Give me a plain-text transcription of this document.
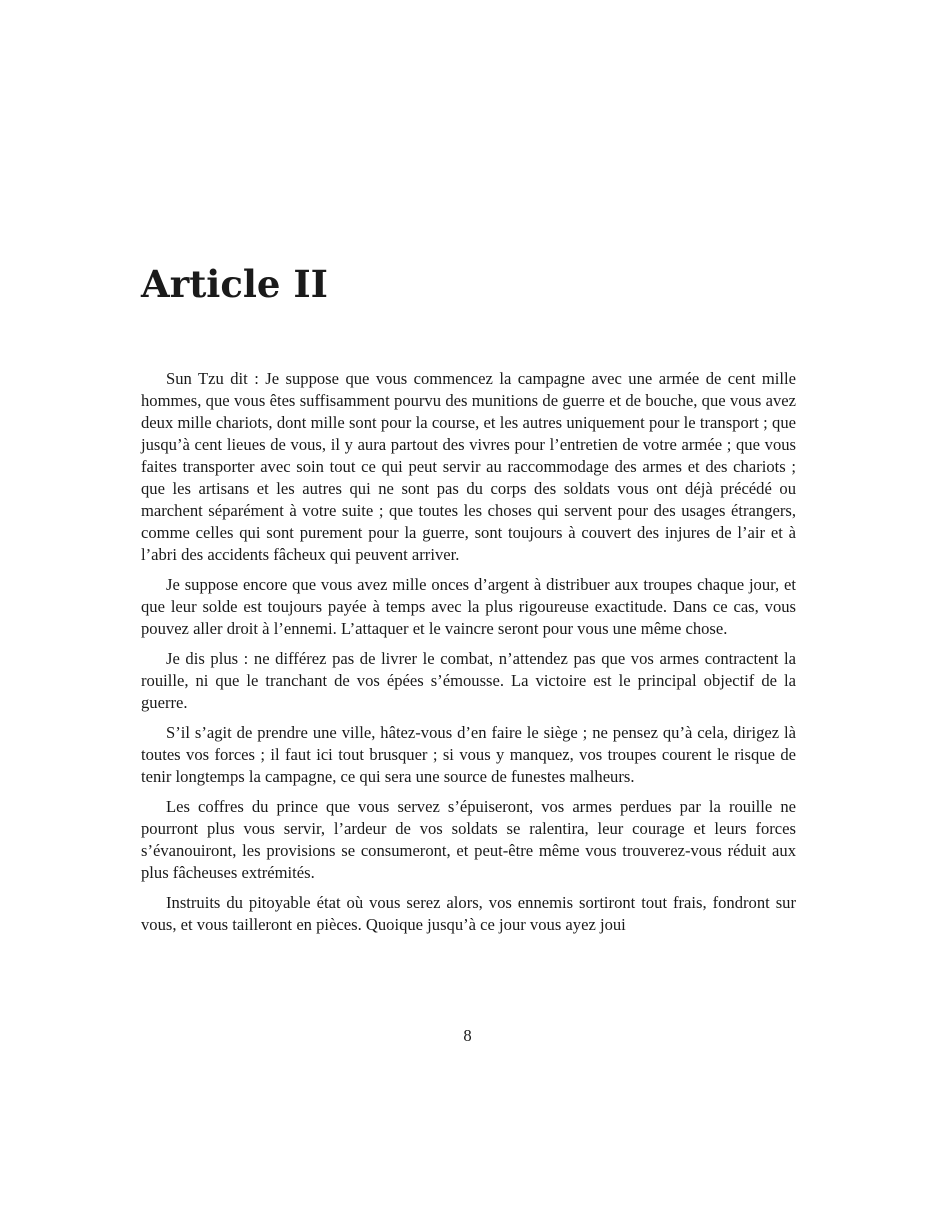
Article II

Sun Tzu dit : Je suppose que vous commencez la campagne avec une armée de cent mille hommes, que vous êtes suffisamment pourvu des munitions de guerre et de bouche, que vous avez deux mille chariots, dont mille sont pour la course, et les autres uniquement pour le transport ; que jusqu’à cent lieues de vous, il y aura partout des vivres pour l’entretien de votre armée ; que vous faites transporter avec soin tout ce qui peut servir au raccommodage des armes et des chariots ; que les artisans et les autres qui ne sont pas du corps des soldats vous ont déjà précédé ou marchent séparément à votre suite ; que toutes les choses qui servent pour des usages étrangers, comme celles qui sont purement pour la guerre, sont toujours à couvert des injures de l’air et à l’abri des accidents fâcheux qui peuvent arriver.

Je suppose encore que vous avez mille onces d’argent à distribuer aux troupes chaque jour, et que leur solde est toujours payée à temps avec la plus rigoureuse exactitude. Dans ce cas, vous pouvez aller droit à l’ennemi. L’attaquer et le vaincre seront pour vous une même chose.

Je dis plus : ne différez pas de livrer le combat, n’attendez pas que vos armes contractent la rouille, ni que le tranchant de vos épées s’émousse. La victoire est le principal objectif de la guerre.

S’il s’agit de prendre une ville, hâtez-vous d’en faire le siège ; ne pensez qu’à cela, dirigez là toutes vos forces ; il faut ici tout brusquer ; si vous y manquez, vos troupes courent le risque de tenir longtemps la campagne, ce qui sera une source de funestes malheurs.

Les coffres du prince que vous servez s’épuiseront, vos armes perdues par la rouille ne pourront plus vous servir, l’ardeur de vos soldats se ralentira, leur courage et leurs forces s’évanouiront, les provisions se consumeront, et peut-être même vous trouverez-vous réduit aux plus fâcheuses extrémités.

Instruits du pitoyable état où vous serez alors, vos ennemis sortiront tout frais, fondront sur vous, et vous tailleront en pièces. Quoique jusqu’à ce jour vous ayez joui

8
